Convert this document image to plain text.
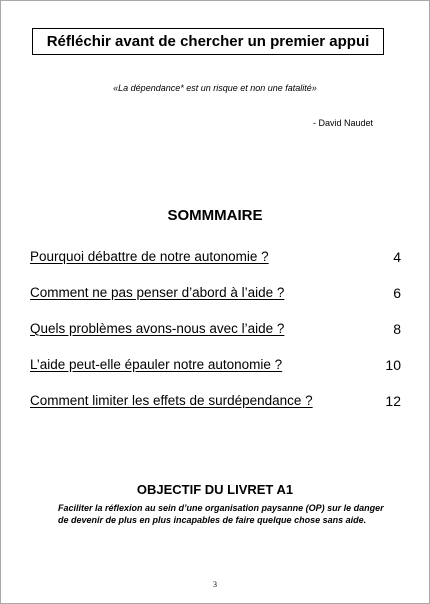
Réfléchir avant de chercher un premier appui
«La dépendance* est un risque et non une fatalité»
- David Naudet
SOMMMAIRE
Pourquoi débattre de notre autonomie ?	4
Comment ne pas penser d’abord à l’aide ?	6
Quels problèmes avons-nous avec l’aide ?	8
L’aide peut-elle épauler notre autonomie ?	10
Comment limiter les effets de surdépendance ?	12
OBJECTIF DU LIVRET A1
Faciliter la réflexion au sein d’une organisation paysanne (OP) sur le danger de devenir de plus en plus incapables de faire quelque chose sans aide.
3
